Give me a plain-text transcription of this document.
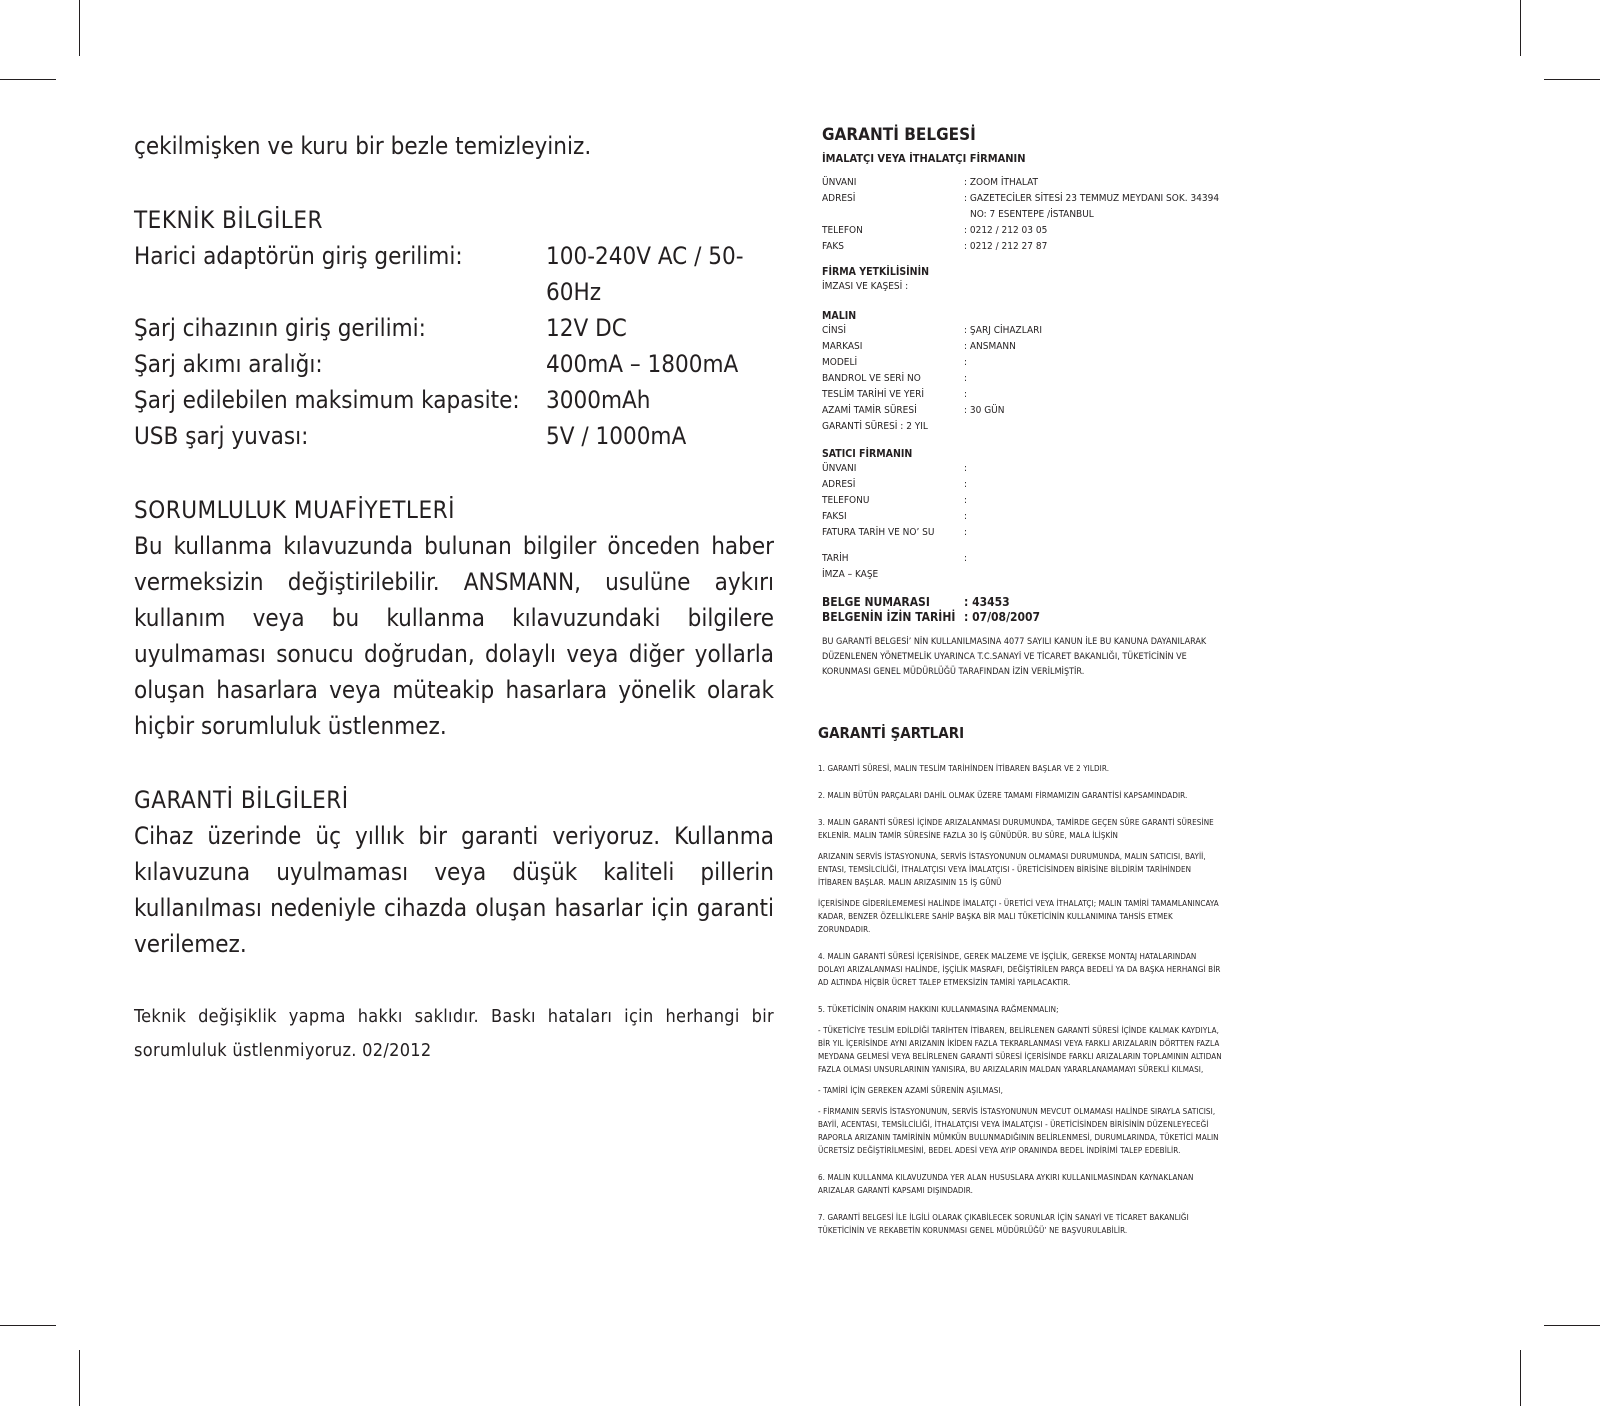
çekilmişken ve kuru bir bezle temizleyiniz.

TEKNİK BİLGİLER

Harici adaptörün giriş gerilimi:	100-240V AC / 50-60Hz
Şarj cihazının giriş gerilimi:	12V DC
Şarj akımı aralığı:	400mA – 1800mA
Şarj edilebilen maksimum kapasite:	3000mAh
USB şarj yuvası:	5V / 1000mA

SORUMLULUK MUAFİYETLERİ

Bu kullanma kılavuzunda bulunan bilgiler önceden haber vermeksizin değiştirilebilir. ANSMANN, usulüne aykırı kullanım veya bu kullanma kılavuzundaki bilgilere uyulmaması sonucu doğrudan, dolaylı veya diğer yollarla oluşan hasarlara veya müteakip hasarlara yönelik olarak hiçbir sorumluluk üstlenmez.

GARANTİ BİLGİLERİ

Cihaz üzerinde üç yıllık bir garanti veriyoruz. Kullanma kılavuzuna uyulmaması veya düşük kaliteli pillerin kullanılması nedeniyle cihazda oluşan hasarlar için garanti verilemez.

Teknik değişiklik yapma hakkı saklıdır. Baskı hataları için herhangi bir sorumluluk üstlenmiyoruz. 02/2012

GARANTİ BELGESİ

İMALATÇI VEYA İTHALATÇI FİRMANIN

ÜNVANI	: ZOOM İTHALAT
ADRESİ	: GAZETECİLER SİTESİ 23 TEMMUZ MEYDANI SOK. 34394
NO: 7 ESENTEPE /İSTANBUL
TELEFON	: 0212 / 212 03 05
FAKS	: 0212 / 212 27 87

FİRMA YETKİLİSİNİN

İMZASI VE KAŞESİ :

MALIN

CİNSİ	: ŞARJ CİHAZLARI
MARKASI	: ANSMANN
MODELİ	:
BANDROL VE SERİ NO	:
TESLİM TARİHİ VE YERİ	:
AZAMİ TAMİR SÜRESİ	: 30 GÜN
GARANTİ SÜRESİ : 2 YIL

SATICI FİRMANIN

ÜNVANI	:
ADRESİ	:
TELEFONU	:
FAKSI	:
FATURA TARİH VE NO’ SU	:
TARİH	:
İMZA – KAŞE
BELGE NUMARASI	: 43453
BELGENİN İZİN TARİHİ : 07/08/2007

BU GARANTİ BELGESİ’ NİN KULLANILMASINA 4077 SAYILI KANUN İLE BU KANUNA DAYANILARAK DÜZENLENEN YÖNETMELİK UYARINCA T.C.SANAYİ VE TİCARET BAKANLIĞI, TÜKETİCİNİN VE KORUNMASI GENEL MÜDÜRLÜĞÜ TARAFINDAN İZİN VERİLMİŞTİR.

GARANTİ ŞARTLARI

1. GARANTİ SÜRESİ, MALIN TESLİM TARİHİNDEN İTİBAREN BAŞLAR VE 2 YILDIR.

2. MALIN BÜTÜN PARÇALARI DAHİL OLMAK ÜZERE TAMAMI FİRMAMIZIN GARANTİSİ KAPSAMINDADIR.

3. MALIN GARANTİ SÜRESİ İÇİNDE ARIZALANMASI DURUMUNDA, TAMİRDE GEÇEN SÜRE GARANTİ SÜRESİNE EKLENİR. MALIN TAMİR SÜRESİNE FAZLA 30 İŞ GÜNÜDÜR. BU SÜRE, MALA İLİŞKİN

ARIZANIN SERVİS İSTASYONUNA, SERVİS İSTASYONUNUN OLMAMASI DURUMUNDA, MALIN SATICISI, BAYİİ, ENTASI, TEMSİLCİLİĞİ, İTHALATÇISI VEYA İMALATÇISI - ÜRETİCİSİNDEN BİRİSİNE BİLDİRİM TARİHİNDEN İTİBAREN BAŞLAR. MALIN ARIZASININ 15 İŞ GÜNÜ

İÇERİSİNDE GİDERİLEMEMESİ HALİNDE İMALATÇI - ÜRETİCİ VEYA İTHALATÇI; MALIN TAMİRİ TAMAMLANINCAYA KADAR, BENZER ÖZELLİKLERE SAHİP BAŞKA BİR MALI TÜKETİCİNİN KULLANIMINA TAHSİS ETMEK ZORUNDADIR.

4. MALIN GARANTİ SÜRESİ İÇERİSİNDE, GEREK MALZEME VE İŞÇİLİK, GEREKSE MONTAJ HATALARINDAN DOLAYI ARIZALANMASI HALİNDE, İŞÇİLİK MASRAFI, DEĞİŞTİRİLEN PARÇA BEDELİ YA DA BAŞKA HERHANGİ BİR AD ALTINDA HİÇBİR ÜCRET TALEP ETMEKSİZİN TAMİRİ YAPILACAKTIR.

5. TÜKETİCİNİN ONARIM HAKKINI KULLANMASINA RAĞMENMALIN;

- TÜKETİCİYE TESLİM EDİLDİĞİ TARİHTEN İTİBAREN, BELİRLENEN GARANTİ SÜRESİ İÇİNDE KALMAK KAYDIYLA, BİR YIL İÇERİSİNDE AYNI ARIZANIN İKİDEN FAZLA TEKRARLANMASI VEYA FARKLI ARIZALARIN DÖRTTEN FAZLA MEYDANA GELMESİ VEYA BELİRLENEN GARANTİ SÜRESİ İÇERİSİNDE FARKLI ARIZALARIN TOPLAMININ ALTIDAN FAZLA OLMASI UNSURLARININ YANISIRA, BU ARIZALARIN MALDAN YARARLANAMAMAYI SÜREKLİ KILMASI,

- TAMİRİ İÇİN GEREKEN AZAMİ SÜRENİN AŞILMASI,

- FİRMANIN SERVİS İSTASYONUNUN, SERVİS İSTASYONUNUN MEVCUT OLMAMASI HALİNDE SIRAYLA SATICISI, BAYİİ, ACENTASI, TEMSİLCİLİĞİ, İTHALATÇISI VEYA İMALATÇISI - ÜRETİCİSİNDEN BİRİSİNİN DÜZENLEYECEĞİ RAPORLA ARIZANIN TAMİRİNİN MÜMKÜN BULUNMADIĞININ BELİRLENMESİ, DURUMLARINDA, TÜKETİCİ MALIN ÜCRETSİZ DEĞİŞTİRİLMESİNİ, BEDEL ADESİ VEYA AYIP ORANINDA BEDEL İNDİRİMİ TALEP EDEBİLİR.

6. MALIN KULLANMA KILAVUZUNDA YER ALAN HUSUSLARA AYKIRI KULLANILMASINDAN KAYNAKLANAN ARIZALAR GARANTİ KAPSAMI DIŞINDADIR.

7. GARANTİ BELGESİ İLE İLGİLİ OLARAK ÇIKABİLECEK SORUNLAR İÇİN SANAYİ VE TİCARET BAKANLIĞI TÜKETİCİNİN VE REKABETİN KORUNMASI GENEL MÜDÜRLÜĞÜ’ NE BAŞVURULABİLİR.
